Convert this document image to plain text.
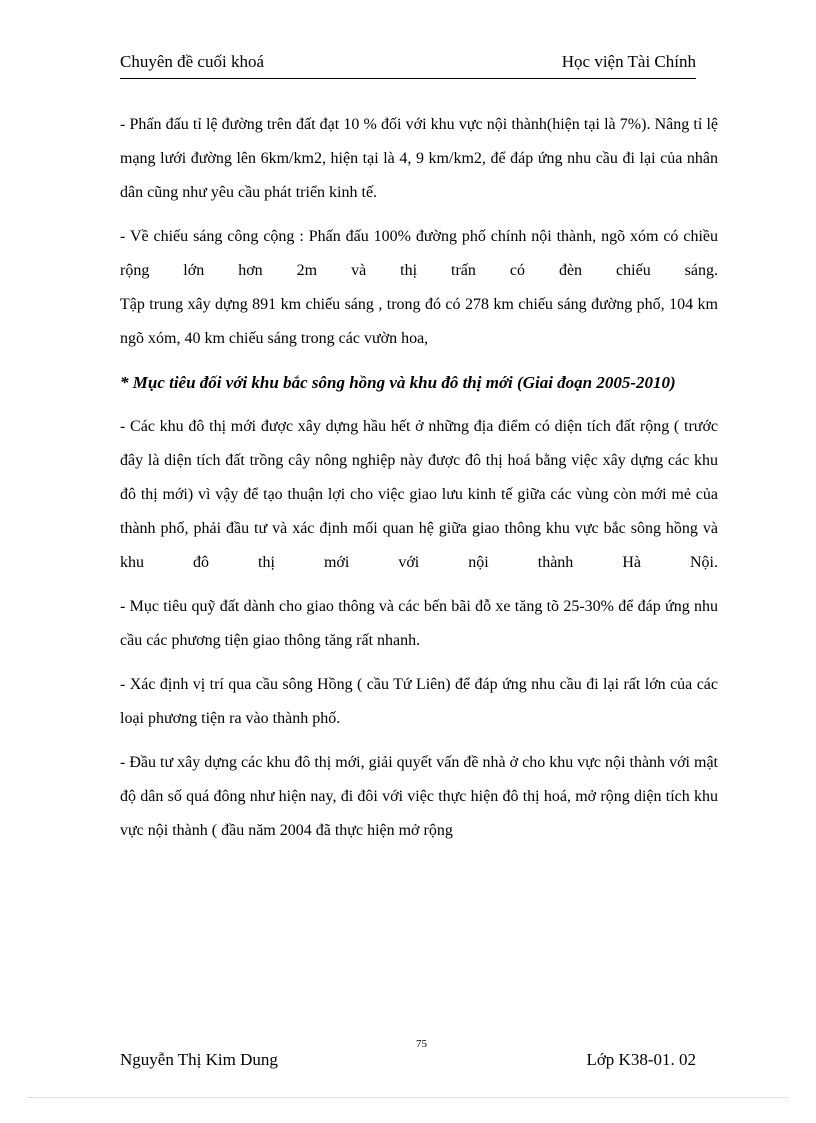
Chuyên đề cuối khoá	Học viện Tài Chính

- Phấn đấu tỉ lệ đường trên đất đạt 10 % đối với khu vực nội thành(hiện tại là 7%). Nâng tỉ lệ mạng lưới đường lên 6km/km2, hiện tại là 4, 9 km/km2, để đáp ứng nhu cầu đi lại của nhân dân cũng như yêu cầu phát triển kinh tế.

- Về chiếu sáng công cộng : Phấn đấu 100% đường phố chính nội thành, ngõ xóm có chiều rộng lớn hơn 2m và thị trấn có đèn chiếu sáng.

Tập trung xây dựng 891 km chiếu sáng , trong đó có 278 km chiếu sáng đường phố, 104 km ngõ xóm, 40 km chiếu sáng trong các vườn hoa,

* Mục tiêu đối với khu bắc sông hồng và khu đô thị mới (Giai đoạn 2005-2010)

- Các khu đô thị mới được xây dựng hầu hết ở những địa điểm có diện tích đất rộng ( trước đây là diện tích đất trồng cây nông nghiệp này được đô thị hoá bằng việc xây dựng các khu đô thị mới) vì vậy để tạo thuận lợi cho việc giao lưu kinh tế giữa các vùng còn mới mẻ của thành phố, phải đầu tư và xác định mối quan hệ giữa giao thông khu vực bắc sông hồng và khu đô thị mới với nội thành Hà Nội.

- Mục tiêu quỹ đất dành cho giao thông và các bến bãi đỗ xe tăng tõ 25-30% để đáp ứng nhu cầu các phương tiện giao thông tăng rất nhanh.

- Xác định vị trí qua cầu sông Hồng ( cầu Tứ Liên) để đáp ứng nhu cầu đi lại rất lớn của các loại phương tiện ra vào thành phố.

- Đầu tư xây dựng các khu đô thị mới, giải quyết vấn đề nhà ở cho khu vực nội thành với mật độ dân số quá đông như hiện nay, đi đôi với việc thực hiện đô thị hoá, mở rộng diện tích khu vực nội thành ( đầu năm 2004 đã thực hiện mở rộng

Nguyễn Thị Kim Dung
75
Lớp K38-01. 02
